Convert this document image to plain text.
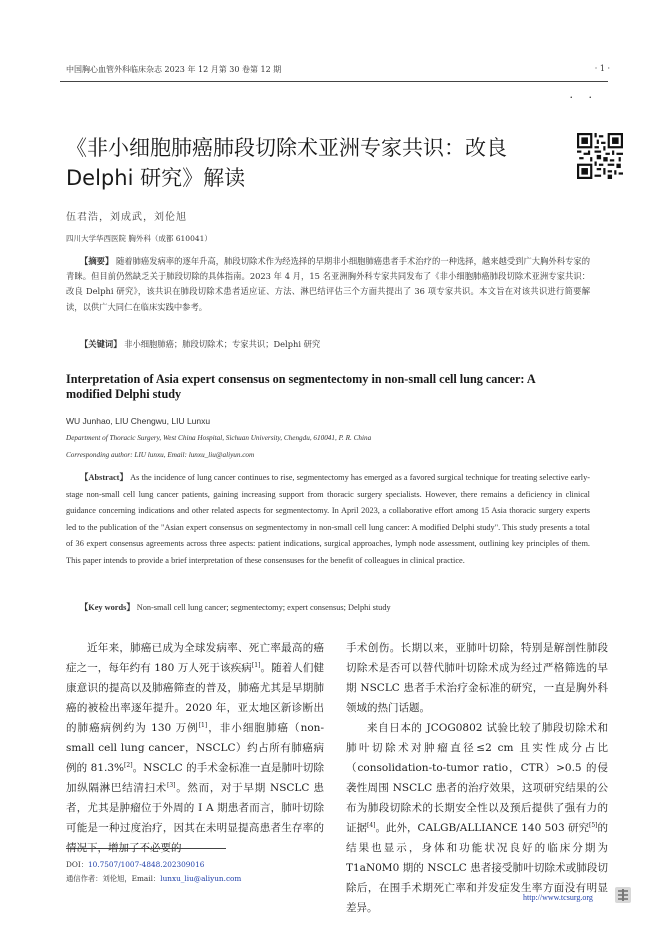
中国胸心血管外科临床杂志 2023 年 12 月第 30 卷第 12 期	· 1 ·
· ·
《非小细胞肺癌肺段切除术亚洲专家共识：改良 Delphi 研究》解读
伍君浩，刘成武，刘伦旭
四川大学华西医院 胸外科（成都 610041）
【摘要】 随着肺癌发病率的逐年升高，肺段切除术作为经选择的早期非小细胞肺癌患者手术治疗的一种选择，越来越受到广大胸外科专家的青睐。但目前仍然缺乏关于肺段切除的具体指南。2023 年 4 月，15 名亚洲胸外科专家共同发布了《非小细胞肺癌肺段切除术亚洲专家共识：改良 Delphi 研究》，该共识在肺段切除术患者适应证、方法、淋巴结评估三个方面共提出了 36 项专家共识。本文旨在对该共识进行简要解读，以供广大同仁在临床实践中参考。
【关键词】 非小细胞肺癌；肺段切除术；专家共识；Delphi 研究
Interpretation of Asia expert consensus on segmentectomy in non-small cell lung cancer: A modified Delphi study
WU Junhao, LIU Chengwu, LIU Lunxu
Department of Thoracic Surgery, West China Hospital, Sichuan University, Chengdu, 610041, P. R. China
Corresponding author: LIU lunxu, Email: lunxu_liu@aliyun.com
【Abstract】 As the incidence of lung cancer continues to rise, segmentectomy has emerged as a favored surgical technique for treating selective early-stage non-small cell lung cancer patients, gaining increasing support from thoracic surgery specialists. However, there remains a deficiency in clinical guidance concerning indications and other related aspects for segmentectomy. In April 2023, a collaborative effort among 15 Asia thoracic surgery experts led to the publication of the "Asian expert consensus on segmentectomy in non-small cell lung cancer: A modified Delphi study". This study presents a total of 36 expert consensus agreements across three aspects: patient indications, surgical approaches, lymph node assessment, outlining key principles of them. This paper intends to provide a brief interpretation of these consensuses for the benefit of colleagues in clinical practice.
【Key words】 Non-small cell lung cancer; segmentectomy; expert consensus; Delphi study

近年来，肺癌已成为全球发病率、死亡率最高的癌症之一，每年约有 180 万人死于该疾病[1]。随着人们健康意识的提高以及肺癌筛查的普及，肺癌尤其是早期肺癌的被检出率逐年提升。2020 年，亚太地区新诊断出的肺癌病例约为 130 万例[1]，非小细胞肺癌（non-small cell lung cancer，NSCLC）约占所有肺癌病例的 81.3%[2]。NSCLC 的手术金标准一直是肺叶切除加纵隔淋巴结清扫术[3]。然而，对于早期 NSCLC 患者，尤其是肿瘤位于外周的 Ⅰ A 期患者而言，肺叶切除可能是一种过度治疗，因其在未明显提高患者生存率的情况下，增加了不必要的

手术创伤。长期以来，亚肺叶切除，特别是解剖性肺段切除术是否可以替代肺叶切除术成为经过严格筛选的早期 NSCLC 患者手术治疗金标准的研究，一直是胸外科领域的热门话题。

来自日本的 JCOG0802 试验比较了肺段切除术和肺叶切除术对肿瘤直径≤2 cm 且实性成分占比（consolidation-to-tumor ratio，CTR）>0.5 的侵袭性周围 NSCLC 患者的治疗效果，这项研究结果的公布为肺段切除术的长期安全性以及预后提供了强有力的证据[4]。此外，CALGB/ALLIANCE 140 503 研究[5]的结果也显示，身体和功能状况良好的临床分期为 T1aN0M0 期的 NSCLC 患者接受肺叶切除术或肺段切除后，在围手术期死亡率和并发症发生率方面没有明显差异。

DOI：10.7507/1007-4848.202309016
通信作者：刘伦旭，Email：lunxu_liu@aliyun.com
http://www.tcsurg.org
